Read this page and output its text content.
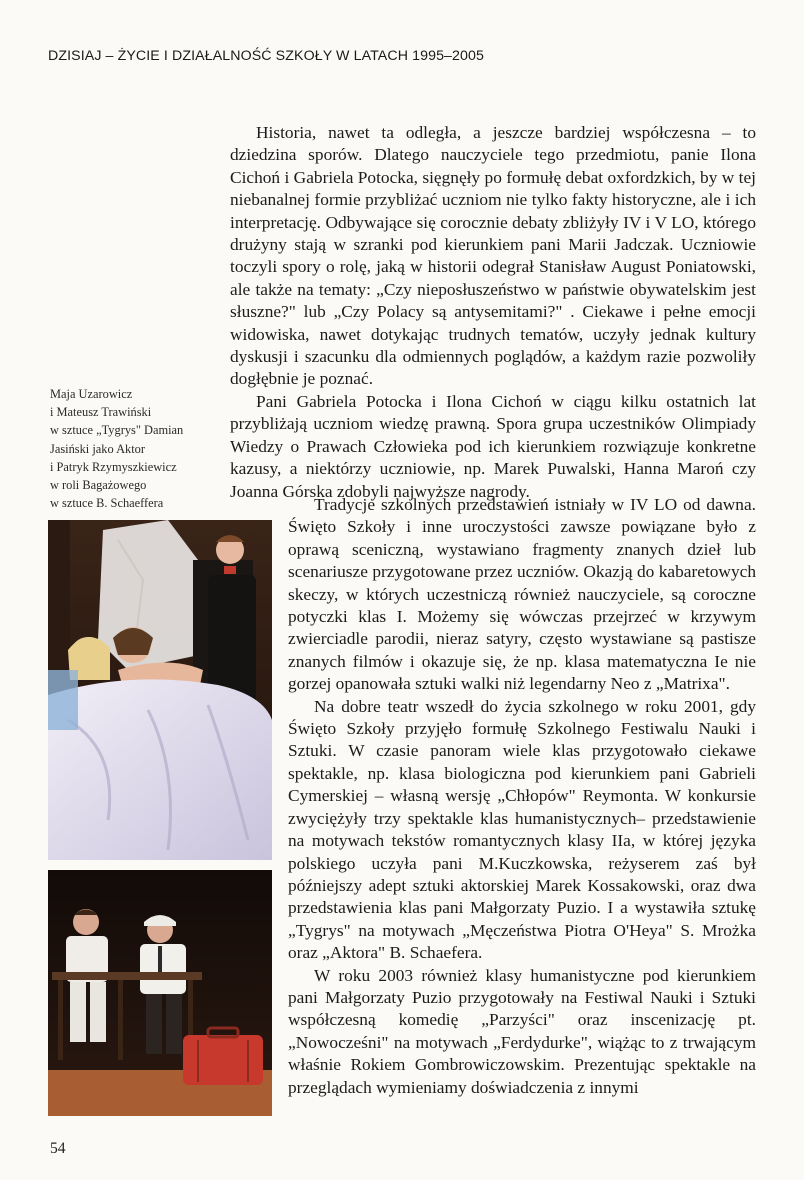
DZISIAJ – ŻYCIE I DZIAŁALNOŚĆ SZKOŁY W LATACH 1995–2005

Historia, nawet ta odległa, a jeszcze bardziej współczesna – to dziedzina sporów. Dlatego nauczyciele tego przedmiotu, panie Ilona Cichoń i Gabriela Potocka, sięgnęły po formułę debat oxfordzkich, by w tej niebanalnej formie przybliżać uczniom nie tylko fakty historyczne, ale i ich interpretację. Odbywające się corocznie debaty zbliżyły IV i V LO, którego drużyny stają w szranki pod kierunkiem pani Marii Jadczak. Uczniowie toczyli spory o rolę, jaką w historii odegrał Stanisław August Poniatowski, ale także na tematy: „Czy nieposłuszeństwo w państwie obywatelskim jest słuszne?" lub „Czy Polacy są antysemitami?" . Ciekawe i pełne emocji widowiska, nawet dotykając trudnych tematów, uczyły jednak kultury dyskusji i szacunku dla odmiennych poglądów, a każdym razie pozwoliły dogłębnie je poznać.

Pani Gabriela Potocka i Ilona Cichoń w ciągu kilku ostatnich lat przybliżają uczniom wiedzę prawną. Spora grupa uczestników Olimpiady Wiedzy o Prawach Człowieka pod ich kierunkiem rozwiązuje konkretne kazusy, a niektórzy uczniowie, np. Marek Puwalski, Hanna Maroń czy Joanna Górska zdobyli najwyższe nagrody.

Maja Uzarowicz
i Mateusz Trawiński
w sztuce „Tygrys" Damian
Jasiński jako Aktor
i Patryk Rzymyszkiewicz
w roli Bagażowego
w sztuce B. Schaeffera	Tradycje szkolnych przedstawień istniały w IV LO od dawna. Święto Szkoły i inne uroczystości zawsze powiązane było z oprawą sceniczną, wystawiano fragmenty znanych dzieł lub scenariusze przygotowane przez uczniów. Okazją do kabaretowych skeczy, w których uczestniczą również nauczyciele, są coroczne potyczki klas I. Możemy się wówczas przejrzeć w krzywym zwierciadle parodii, nieraz satyry, często wystawiane są pastisze znanych filmów i okazuje się, że np. klasa matematyczna Ie nie gorzej opanowała sztuki walki niż legendarny Neo z „Matrixa".

Na dobre teatr wszedł do życia szkolnego w roku 2001, gdy Święto Szkoły przyjęło formułę Szkolnego Festiwalu Nauki i Sztuki. W czasie panoram wiele klas przygotowało ciekawe spektakle, np. klasa biologiczna pod kierunkiem pani Gabrieli Cymerskiej – własną wersję „Chłopów" Reymonta. W konkursie zwyciężyły trzy spektakle klas humanistycznych– przedstawienie na motywach tekstów romantycznych klasy IIa, w której języka polskiego uczyła pani M.Kuczkowska, reżyserem zaś był późniejszy adept sztuki aktorskiej Marek Kossakowski, oraz dwa przedstawienia klas pani Małgorzaty Puzio. I a wystawiła sztukę „Tygrys" na motywach „Męczeństwa Piotra O'Heya" S. Mrożka oraz „Aktora" B. Schaefera.

W roku 2003 również klasy humanistyczne pod kierunkiem pani Małgorzaty Puzio przygotowały na Festiwal Nauki i Sztuki współczesną komedię „Parzyści" oraz inscenizację pt. „Nowocześni" na motywach „Ferdydurke", wiążąc to z trwającym właśnie Rokiem Gombrowiczowskim. Prezentując spektakle na przeglądach wymieniamy doświadczenia z innymi

54
